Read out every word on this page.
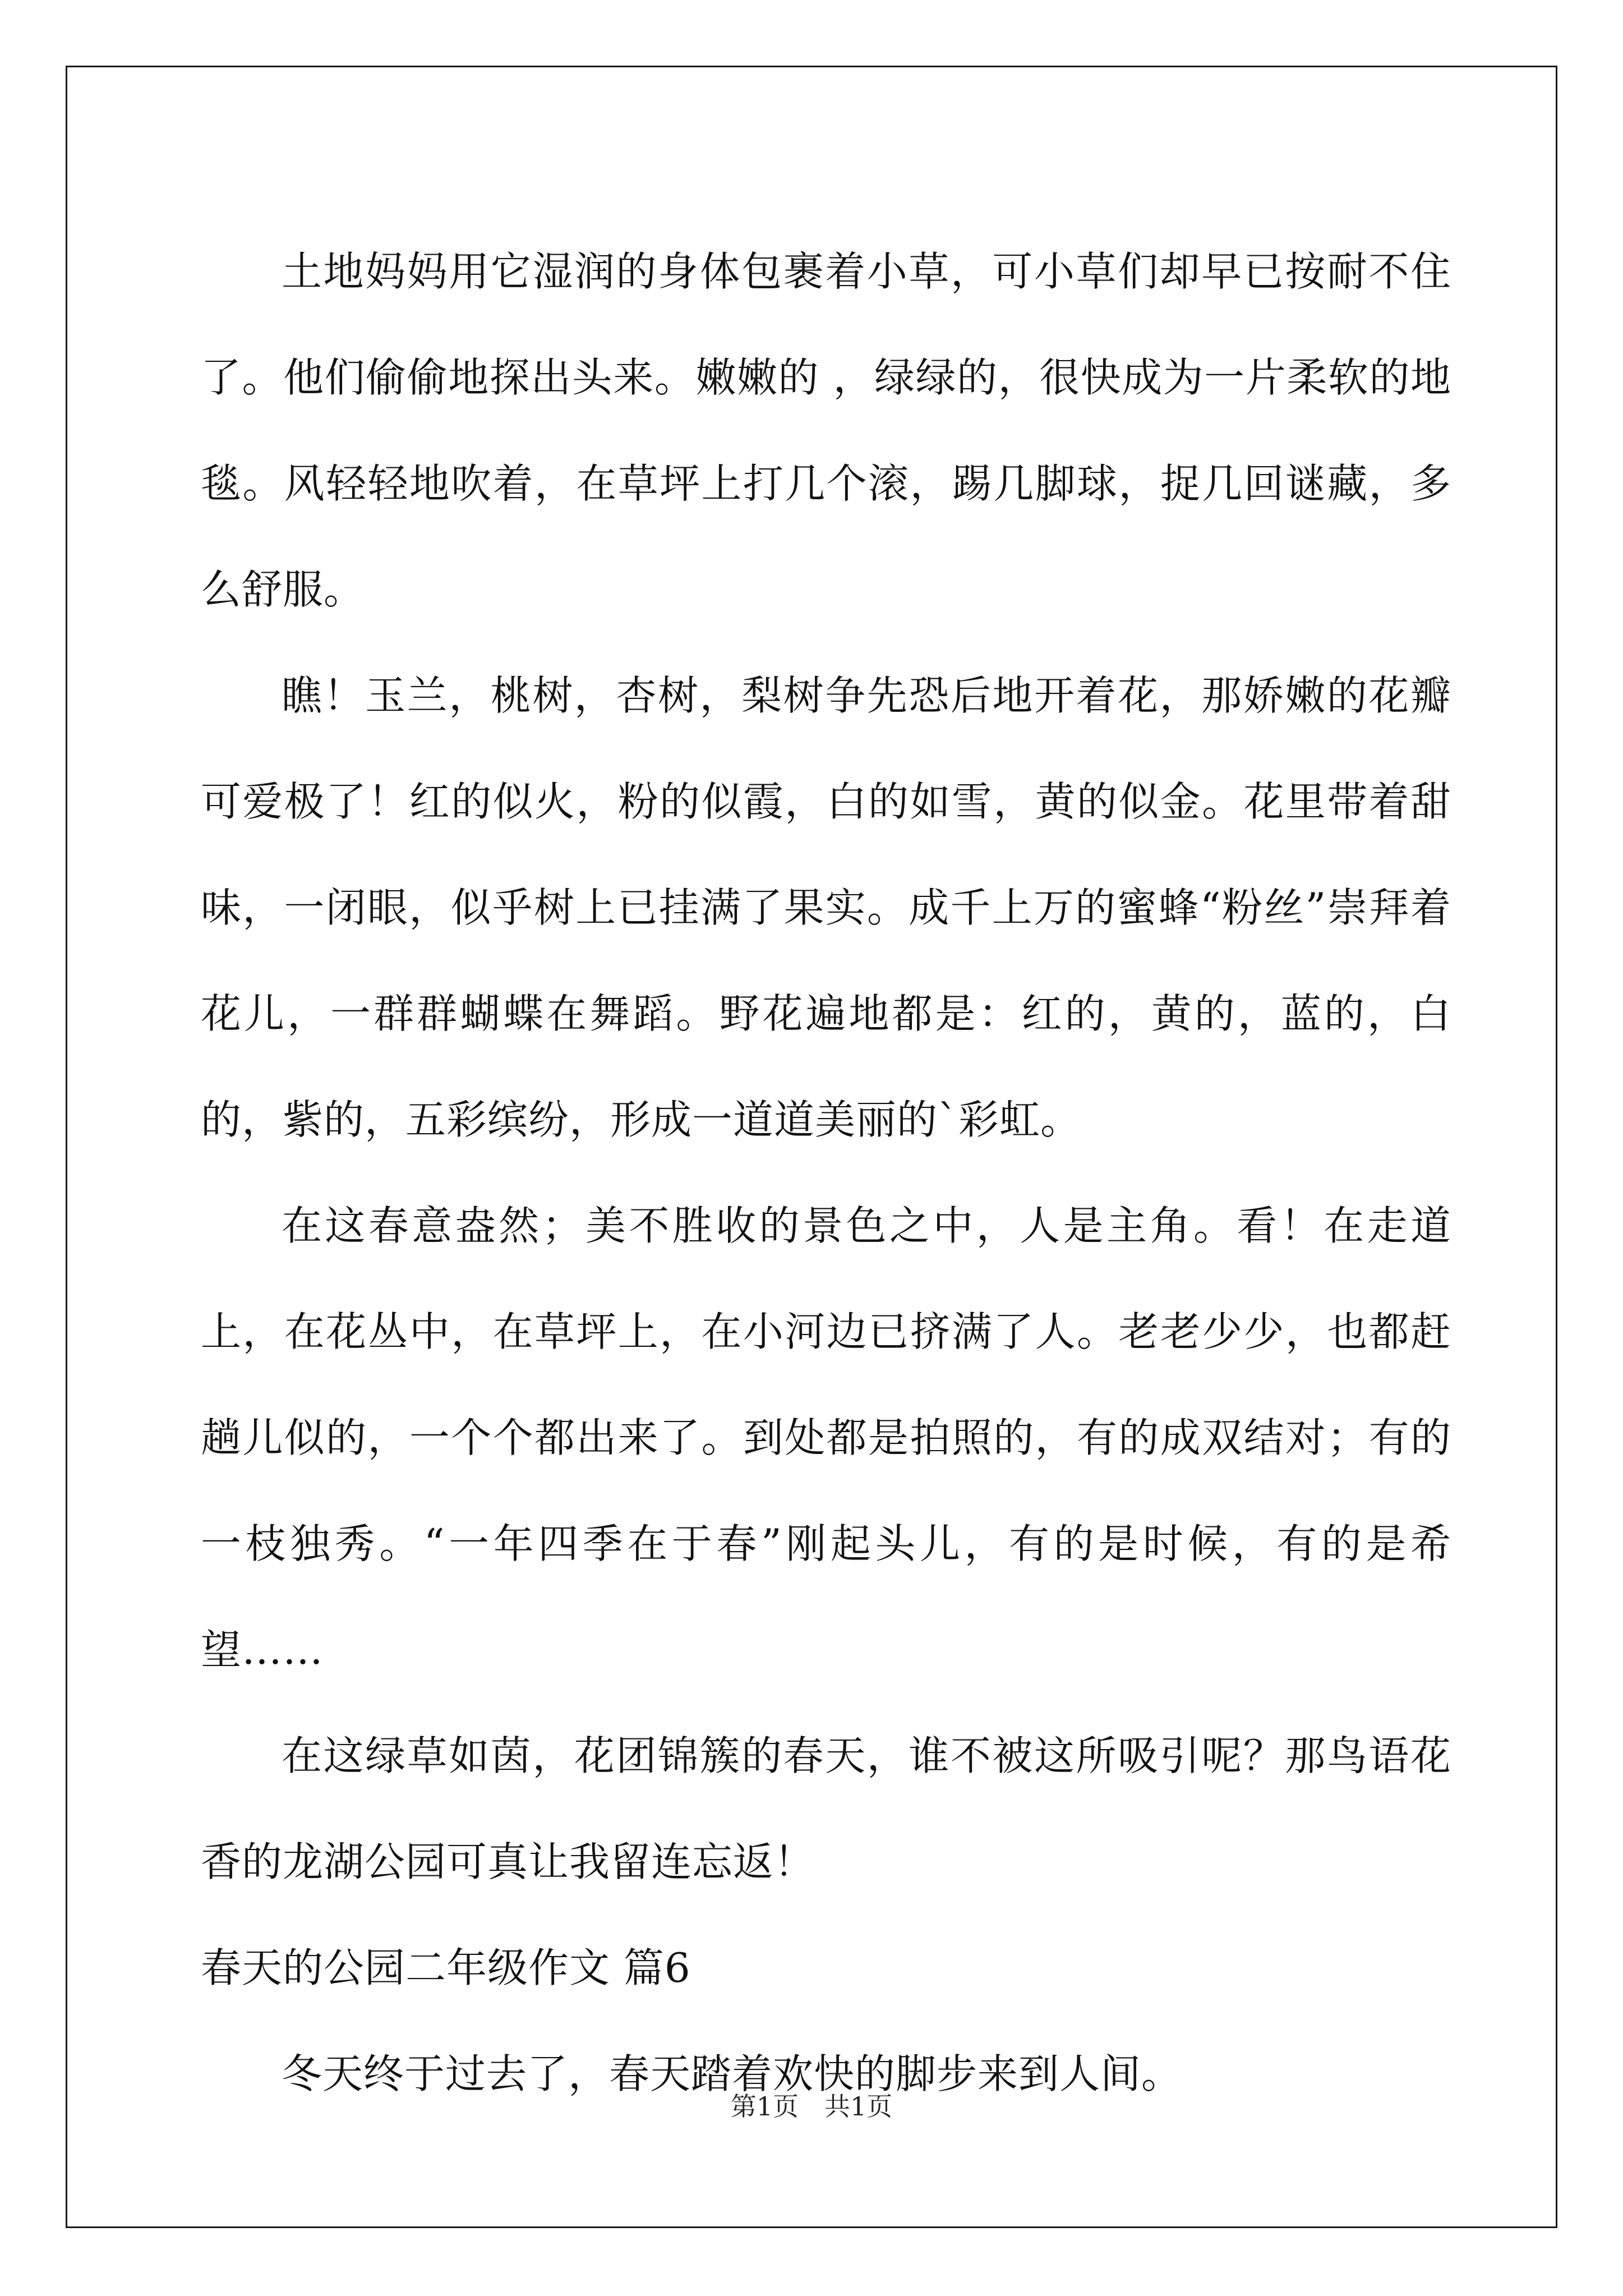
土地妈妈用它湿润的身体包裹着小草，可小草们却早已按耐不住了。他们偷偷地探出头来。嫩嫩的 ，绿绿的，很快成为一片柔软的地毯。风轻轻地吹着，在草坪上打几个滚，踢几脚球，捉几回谜藏，多么舒服。

瞧！玉兰，桃树，杏树，梨树争先恐后地开着花，那娇嫩的花瓣可爱极了！红的似火，粉的似霞，白的如雪，黄的似金。花里带着甜味，一闭眼，似乎树上已挂满了果实。成千上万的蜜蜂“粉丝”崇拜着花儿，一群群蝴蝶在舞蹈。野花遍地都是：红的，黄的，蓝的，白的，紫的，五彩缤纷，形成一道道美丽的`彩虹。

在这春意盎然；美不胜收的景色之中，人是主角。看！在走道上，在花丛中，在草坪上，在小河边已挤满了人。老老少少，也都赶趟儿似的，一个个都出来了。到处都是拍照的，有的成双结对；有的一枝独秀。“一年四季在于春”刚起头儿，有的是时候，有的是希望……

在这绿草如茵，花团锦簇的春天，谁不被这所吸引呢？那鸟语花香的龙湖公园可真让我留连忘返！

春天的公园二年级作文 篇6

冬天终于过去了，春天踏着欢快的脚步来到人间。

第1页 共1页
